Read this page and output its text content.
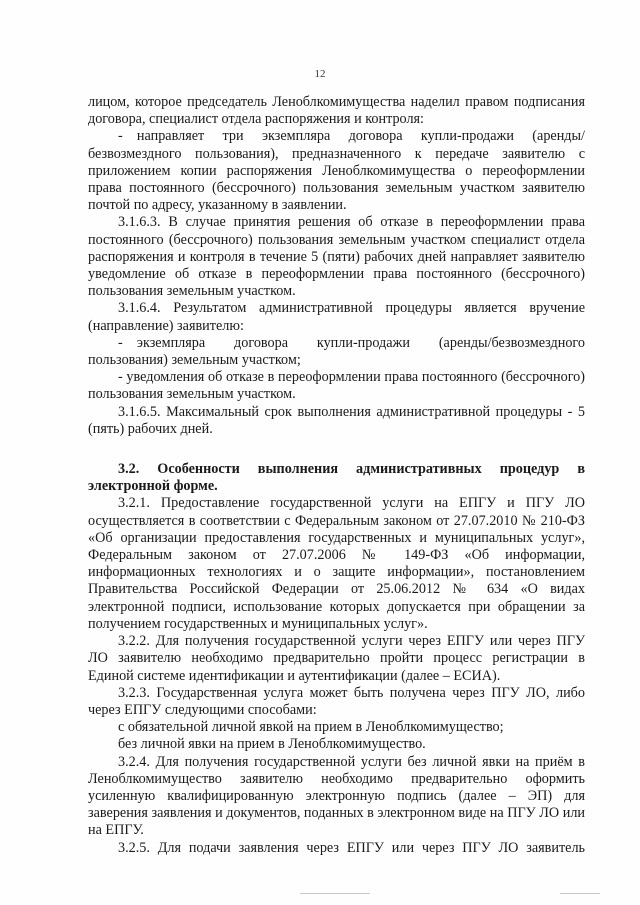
12

лицом, которое председатель Леноблкомимущества наделил правом подписания договора, специалист отдела распоряжения и контроля:

- направляет три экземпляра договора купли-продажи (аренды/безвозмездного пользования), предназначенного к передаче заявителю с приложением копии распоряжения Леноблкомимущества о переоформлении права постоянного (бессрочного) пользования земельным участком заявителю почтой по адресу, указанному в заявлении.

3.1.6.3. В случае принятия решения об отказе в переоформлении права постоянного (бессрочного) пользования земельным участком специалист отдела распоряжения и контроля в течение 5 (пяти) рабочих дней направляет заявителю уведомление об отказе в переоформлении права постоянного (бессрочного) пользования земельным участком.

3.1.6.4. Результатом административной процедуры является вручение (направление) заявителю:

- экземпляра договора купли-продажи (аренды/безвозмездного пользования) земельным участком;

- уведомления об отказе в переоформлении права постоянного (бессрочного) пользования земельным участком.

3.1.6.5. Максимальный срок выполнения административной процедуры - 5 (пять) рабочих дней.

3.2. Особенности выполнения административных процедур в электронной форме.

3.2.1. Предоставление государственной услуги на ЕПГУ и ПГУ ЛО осуществляется в соответствии с Федеральным законом от 27.07.2010 № 210-ФЗ «Об организации предоставления государственных и муниципальных услуг», Федеральным законом от 27.07.2006 № 149-ФЗ «Об информации, информационных технологиях и о защите информации», постановлением Правительства Российской Федерации от 25.06.2012 № 634 «О видах электронной подписи, использование которых допускается при обращении за получением государственных и муниципальных услуг».

3.2.2. Для получения государственной услуги через ЕПГУ или через ПГУ ЛО заявителю необходимо предварительно пройти процесс регистрации в Единой системе идентификации и аутентификации (далее – ЕСИА).

3.2.3. Государственная услуга может быть получена через ПГУ ЛО, либо через ЕПГУ следующими способами:

с обязательной личной явкой на прием в Леноблкомимущество;

без личной явки на прием в Леноблкомимущество.

3.2.4. Для получения государственной услуги без личной явки на приём в Леноблкомимущество заявителю необходимо предварительно оформить усиленную квалифицированную электронную подпись (далее – ЭП) для заверения заявления и документов, поданных в электронном виде на ПГУ ЛО или на ЕПГУ.

3.2.5. Для подачи заявления через ЕПГУ или через ПГУ ЛО заявитель
